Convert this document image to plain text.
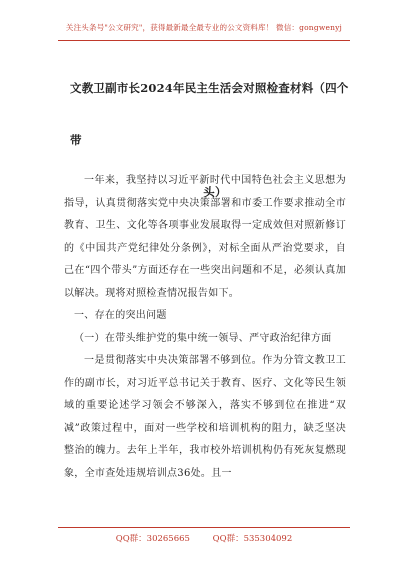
关注头条号"公文研究"，获得最新最全最专业的公文资料库！ 微信：gongwenyj
文教卫副市长2024年民主生活会对照检查材料（四个带
头）

一年来，我坚持以习近平新时代中国特色社会主义思想为指导，认真贯彻落实党中央决策部署和市委工作要求推动全市教育、卫生、文化等各项事业发展取得一定成效但对照新修订的《中国共产党纪律处分条例》，对标全面从严治党要求，自己在“四个带头”方面还存在一些突出问题和不足，必须认真加以解决。现将对照检查情况报告如下。

一、存在的突出问题

（一）在带头维护党的集中统一领导、严守政治纪律方面

一是贯彻落实中央决策部署不够到位。作为分管文教卫工作的副市长，对习近平总书记关于教育、医疗、文化等民生领域的重要论述学习领会不够深入，落实不够到位在推进“双减”政策过程中，面对一些学校和培训机构的阻力，缺乏坚决整治的魄力。去年上半年，我市校外培训机构仍有死灰复燃现象，全市查处违规培训点36处。且一

QQ群：30265665	QQ群：535304092
